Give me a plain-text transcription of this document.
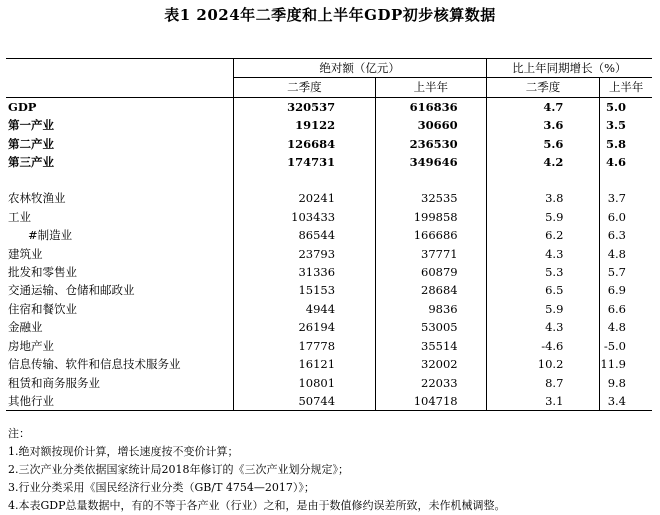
表1 2024年二季度和上半年GDP初步核算数据
	绝对额（亿元）		比上年同期增长（%）	
	二季度	上半年	二季度	上半年
GDP	320537	616836	4.7	5.0
第一产业	19122	30660	3.6	3.5
第二产业	126684	236530	5.6	5.8
第三产业	174731	349646	4.2	4.6

农林牧渔业	20241	32535	3.8	3.7
工业	103433	199858	5.9	6.0
#制造业	86544	166686	6.2	6.3
建筑业	23793	37771	4.3	4.8
批发和零售业	31336	60879	5.3	5.7
交通运输、仓储和邮政业	15153	28684	6.5	6.9
住宿和餐饮业	4944	9836	5.9	6.6
金融业	26194	53005	4.3	4.8
房地产业	17778	35514	-4.6	-5.0
信息传输、软件和信息技术服务业	16121	32002	10.2	11.9
租赁和商务服务业	10801	22033	8.7	9.8
其他行业	50744	104718	3.1	3.4
注：
1.绝对额按现价计算，增长速度按不变价计算；
2.三次产业分类依据国家统计局2018年修订的《三次产业划分规定》；
3.行业分类采用《国民经济行业分类（GB/T 4754—2017）》；
4.本表GDP总量数据中，有的不等于各产业（行业）之和，是由于数值修约误差所致，未作机械调整。
